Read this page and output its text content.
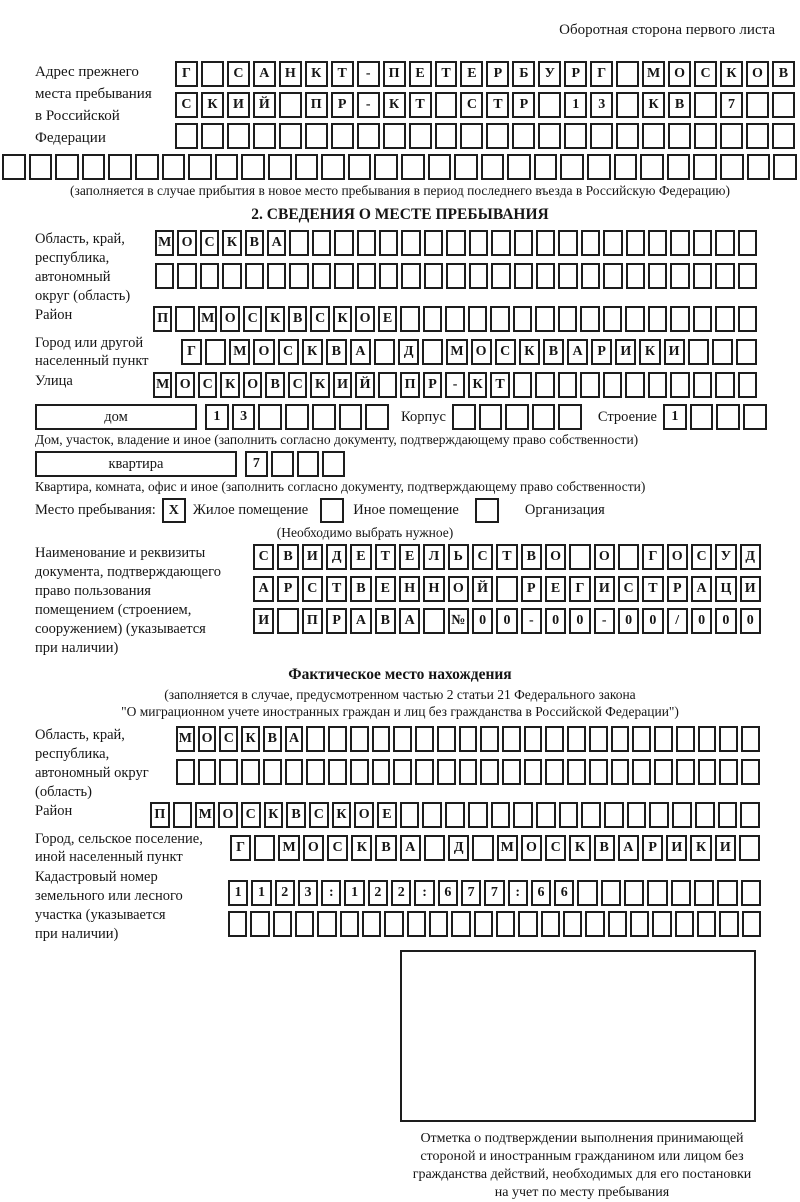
Оборотная сторона первого листа
Адрес прежнего
места пребывания
в Российской
Федерации
Г	С	А	Н	К	Т	-	П	Е	Т	Е	Р	Б	У	Р	Г	М О	С	К	О	В
С	К	И	Й	П	Р	-	К	Т	С	Т	Р	1	3	К	В	7
(заполняется в случае прибытия в новое место пребывания в период последнего въезда в Российскую Федерацию)
2. СВЕДЕНИЯ О МЕСТЕ ПРЕБЫВАНИЯ
Область, край,
республика,
автономный
округ (область)
М О С К В А
Район	П	М О С К В С К О Е
Город или другой
населенный пункт
Г	М О С К	В	А	Д	М О С К	В	А	Р	И К И
Улица	М О С К О В С К И Й	П Р	-	К Т
дом	1	3	Корпус	Строение	1
Дом, участок, владение и иное (заполнить согласно документу, подтверждающему право собственности)
квартира	7
Квартира, комната, офис и иное (заполнить согласно документу, подтверждающему право собственности)
Место пребывания: X Жилое помещение	Иное помещение	Организация
(Необходимо выбрать нужное)
Наименование и реквизиты
документа, подтверждающего
право пользования
помещением (строением,
сооружением) (указывается
при наличии)
С	В	И	Д	Е	Т	Е	Л	Ь	С	Т	В	О	О	Г	О С	У	Д
А	Р	С	Т	В	Е	Н Н О Й	Р	Е	Г	И С	Т	Р	А Ц И
И	П	Р	А	В	А	№ 0	0	-	0	0	-	0	0	/	0	0	0
Фактическое место нахождения
(заполняется в случае, предусмотренном частью 2 статьи 21 Федерального закона
"О миграционном учете иностранных граждан и лиц без гражданства в Российской Федерации")
Область, край,
республика,
автономный округ
(область)
М О С К В А
Район	П	М О С К В С К О Е
Город, сельское поселение,
иной населенный пункт
Г	М О С	К	В	А	Д	М О С	К	В	А	Р	И К И
Кадастровый номер
земельного или лесного
участка (указывается
при наличии)
1	1	2	3	:	1	2	2	:	6	7	7	:	6	6
Отметка о подтверждении выполнения принимающей
стороной и иностранным гражданином или лицом без
гражданства действий, необходимых для его постановки
на учет по месту пребывания
